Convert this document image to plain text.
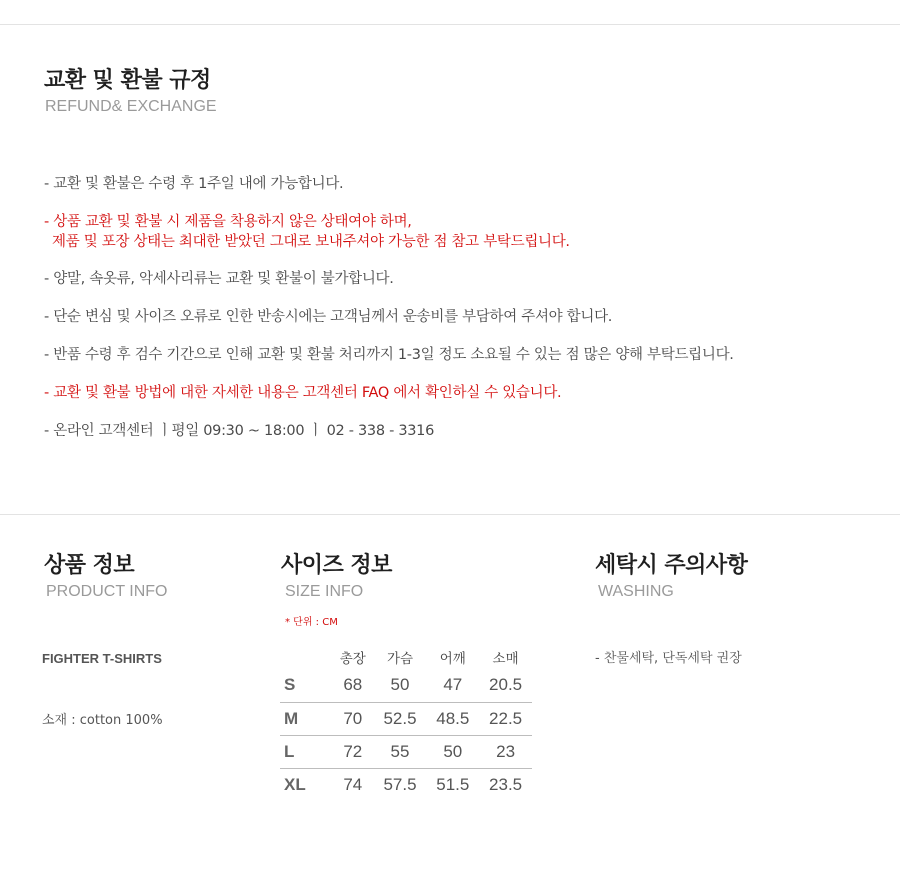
교환 및 환불 규정
REFUND& EXCHANGE
- 교환 및 환불은 수령 후 1주일 내에 가능합니다.
- 상품 교환 및 환불 시 제품을 착용하지 않은 상태여야 하며,
제품 및 포장 상태는 최대한 받았던 그대로 보내주셔야 가능한 점 참고 부탁드립니다.
- 양말, 속옷류, 악세사리류는 교환 및 환불이 불가합니다.
- 단순 변심 및 사이즈 오류로 인한 반송시에는 고객님께서 운송비를 부담하여 주셔야 합니다.
- 반품 수령 후 검수 기간으로 인해 교환 및 환불 처리까지 1-3일 정도 소요될 수 있는 점 많은 양해 부탁드립니다.
- 교환 및 환불 방법에 대한 자세한 내용은 고객센터 FAQ 에서 확인하실 수 있습니다.
- 온라인 고객센터 ㅣ평일 09:30 ~ 18:00 ㅣ 02 - 338 - 3316
상품 정보
PRODUCT INFO
FIGHTER T-SHIRTS
소재 : cotton 100%
사이즈 정보
SIZE INFO
* 단위 : CM
	총장	가슴	어깨	소매
S	68	50	47	20.5
M	70	52.5	48.5	22.5
L	72	55	50	23
XL	74	57.5	51.5	23.5
세탁시 주의사항
WASHING
- 찬물세탁, 단독세탁 권장
